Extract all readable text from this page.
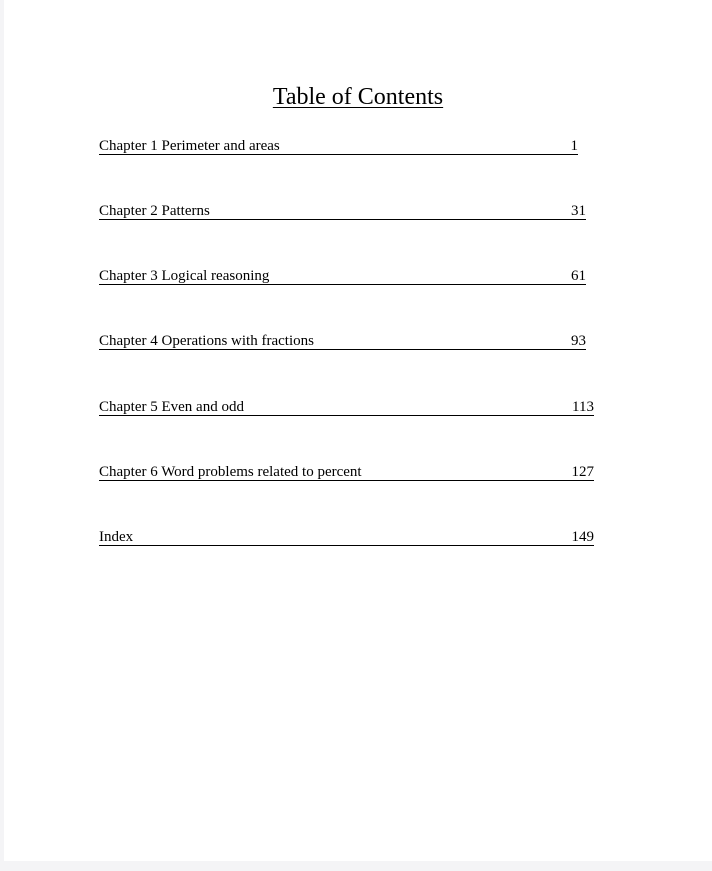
Table of Contents
Chapter 1 Perimeter and areas	1
Chapter 2 Patterns	31
Chapter 3 Logical reasoning	61
Chapter 4 Operations with fractions	93
Chapter 5 Even and odd	113
Chapter 6 Word problems related to percent	127
Index	149
